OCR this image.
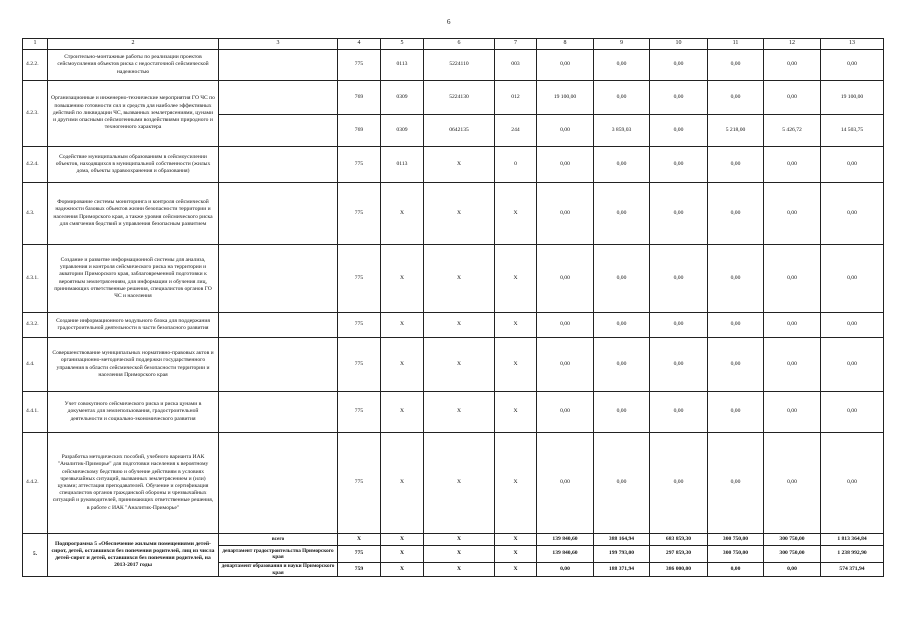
6
1	2	3	4	5	6	7	8	9	10	11	12	13
4.2.2.	Строительно-монтажные работы по реализации проектов сейсмоусиления объектов риска с недостаточной сейсмической надежностью		775	0113	5224110	003	0,00	0,00	0,00	0,00	0,00	0,00
4.2.3.	Организационные и инженерно-технические мероприятия ГО ЧС по повышению готовности сил и средств для наиболее эффективных действий по ликвидации ЧС, вызванных землетрясениями, цунами и другими опасными сейсмогенными воздействиями природного и техногенного характера		769	0309	5224130	012	19 100,00	0,00	0,00	0,00	0,00	19 100,00
			769	0309	0642135	244	0,00	3 859,03	0,00	5 218,00	5 426,72	14 503,75
4.2.4.	Содействие муниципальным образованиям в сейсмоусилении объектов, находящихся в муниципальной собственности (жилых дома, объекты здравоохранения и образования)		775	0113	X	0	0,00	0,00	0,00	0,00	0,00	0,00
4.3.	Формирование системы мониторинга и контроля сейсмической надежности базовых объектов жизни безопасности территории и населения Приморского края, а также уровня сейсмического риска для смягчения бедствий и управления безопасным развитием		775	X	X	X	0,00	0,00	0,00	0,00	0,00	0,00
4.3.1.	Создание и развитие информационной системы для анализа, управления и контроля сейсмического риска на территории и акватории Приморского края, заблаговременной подготовки к вероятным землетрясениям, для информации и обучения лиц, принимающих ответственные решения, специалистов органов ГО ЧС и населения		775	X	X	X	0,00	0,00	0,00	0,00	0,00	0,00
4.3.2.	Создание информационного модульного блока для поддержания градостроительной деятельности в части безопасного развития		775	X	X	X	0,00	0,00	0,00	0,00	0,00	0,00
4.4.	Совершенствование муниципальных нормативно-правовых актов и организационно-методической поддержки государственного управления в области сейсмической безопасности территории и населения Приморского края		775	X	X	X	0,00	0,00	0,00	0,00	0,00	0,00
4.4.1.	Учет совокупного сейсмического риска и риска цунами в документах для землепользования, градостроительной деятельности и социально-экономического развития		775	X	X	X	0,00	0,00	0,00	0,00	0,00	0,00
4.4.2.	Разработка методических пособий, учебного варианта ИАК "Аналитик-Приморье" для подготовки населения к вероятному сейсмическому бедствию и обучение действиям в условиях чрезвычайных ситуаций, вызванных землетрясением и (или) цунами; аттестация преподавателей. Обучение и сертификация специалистов органов гражданской обороны и чрезвычайных ситуаций и руководителей, принимающих ответственные решения, в работе с ИАК "Аналитик-Приморье"		775	X	X	X	0,00	0,00	0,00	0,00	0,00	0,00
5.	Подпрограмма 5 «Обеспечение жилыми помещениями детей-сирот, детей, оставшихся без попечения родителей, лиц из числа детей-сирот и детей, оставшихся без попечения родителей, на 2013-2017 годы	всего	X	X	X	X	139 840,60	388 164,94	683 859,30	300 750,00	300 750,00	1 813 364,84
		департамент градостроительства Приморского края	775	X	X	X	139 840,60	199 793,00	297 859,30	300 750,00	300 750,00	1 238 992,90
		департамент образования и науки Приморского края	759	X	X	X	0,00	188 371,94	386 000,00	0,00	0,00	574 371,94
